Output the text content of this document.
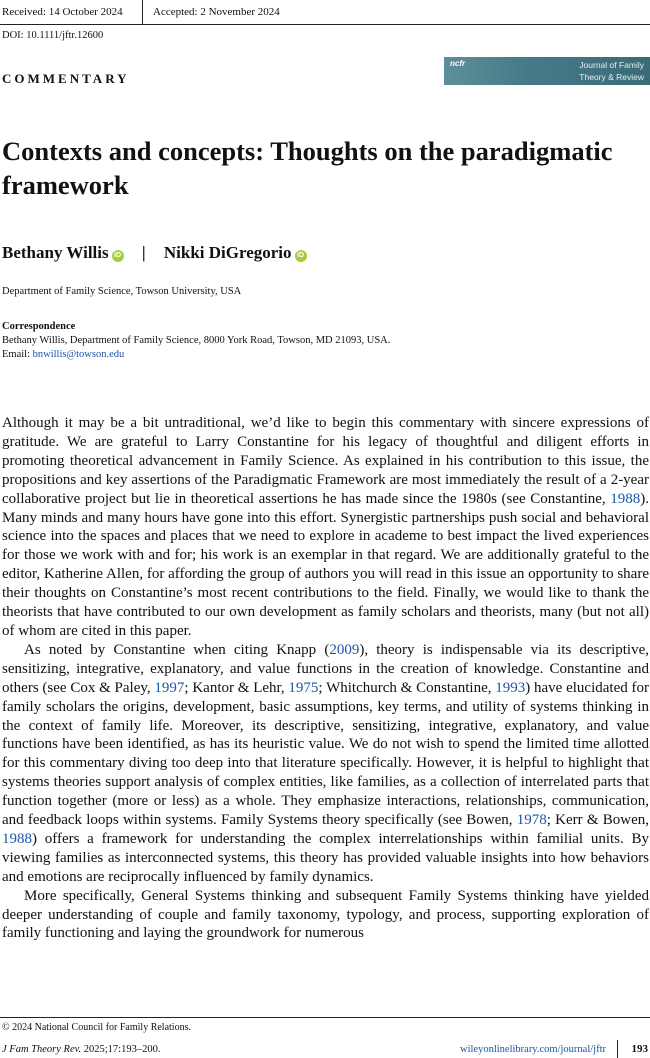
Received: 14 October 2024	Accepted: 2 November 2024
DOI: 10.1111/jftr.12600
COMMENTARY
ncfr	Journal of Family
Theory & Review
Contexts and concepts: Thoughts on the paradigmatic framework
Bethany Willis iD | Nikki DiGregorio iD
Department of Family Science, Towson University, USA
Correspondence
Bethany Willis, Department of Family Science, 8000 York Road, Towson, MD 21093, USA.
Email: bnwillis@towson.edu

Although it may be a bit untraditional, we’d like to begin this commentary with sincere expressions of gratitude. We are grateful to Larry Constantine for his legacy of thoughtful and diligent efforts in promoting theoretical advancement in Family Science. As explained in his contribution to this issue, the propositions and key assertions of the Paradigmatic Framework are most immediately the result of a 2-year collaborative project but lie in theoretical assertions he has made since the 1980s (see Constantine, 1988). Many minds and many hours have gone into this effort. Synergistic partnerships push social and behavioral science into the spaces and places that we need to explore in academe to best impact the lived experiences for those we work with and for; his work is an exemplar in that regard. We are additionally grateful to the editor, Katherine Allen, for affording the group of authors you will read in this issue an opportunity to share their thoughts on Constantine’s most recent contributions to the field. Finally, we would like to thank the theorists that have contributed to our own development as family scholars and theorists, many (but not all) of whom are cited in this paper.

As noted by Constantine when citing Knapp (2009), theory is indispensable via its descriptive, sensitizing, integrative, explanatory, and value functions in the creation of knowledge. Constantine and others (see Cox & Paley, 1997; Kantor & Lehr, 1975; Whitchurch & Constantine, 1993) have elucidated for family scholars the origins, development, basic assumptions, key terms, and utility of systems thinking in the context of family life. Moreover, its descriptive, sensitizing, integrative, explanatory, and value functions have been identified, as has its heuristic value. We do not wish to spend the limited time allotted for this commentary diving too deep into that literature specifically. However, it is helpful to highlight that systems theories support analysis of complex entities, like families, as a collection of interrelated parts that function together (more or less) as a whole. They emphasize interactions, relationships, communication, and feedback loops within systems. Family Systems theory specifically (see Bowen, 1978; Kerr & Bowen, 1988) offers a framework for understanding the complex interrelationships within familial units. By viewing families as interconnected systems, this theory has provided valuable insights into how behaviors and emotions are reciprocally influenced by family dynamics.

More specifically, General Systems thinking and subsequent Family Systems thinking have yielded deeper understanding of couple and family taxonomy, typology, and process, supporting exploration of family functioning and laying the groundwork for numerous

© 2024 National Council for Family Relations.
J Fam Theory Rev. 2025;17:193–200.	wileyonlinelibrary.com/journal/jftr 193
